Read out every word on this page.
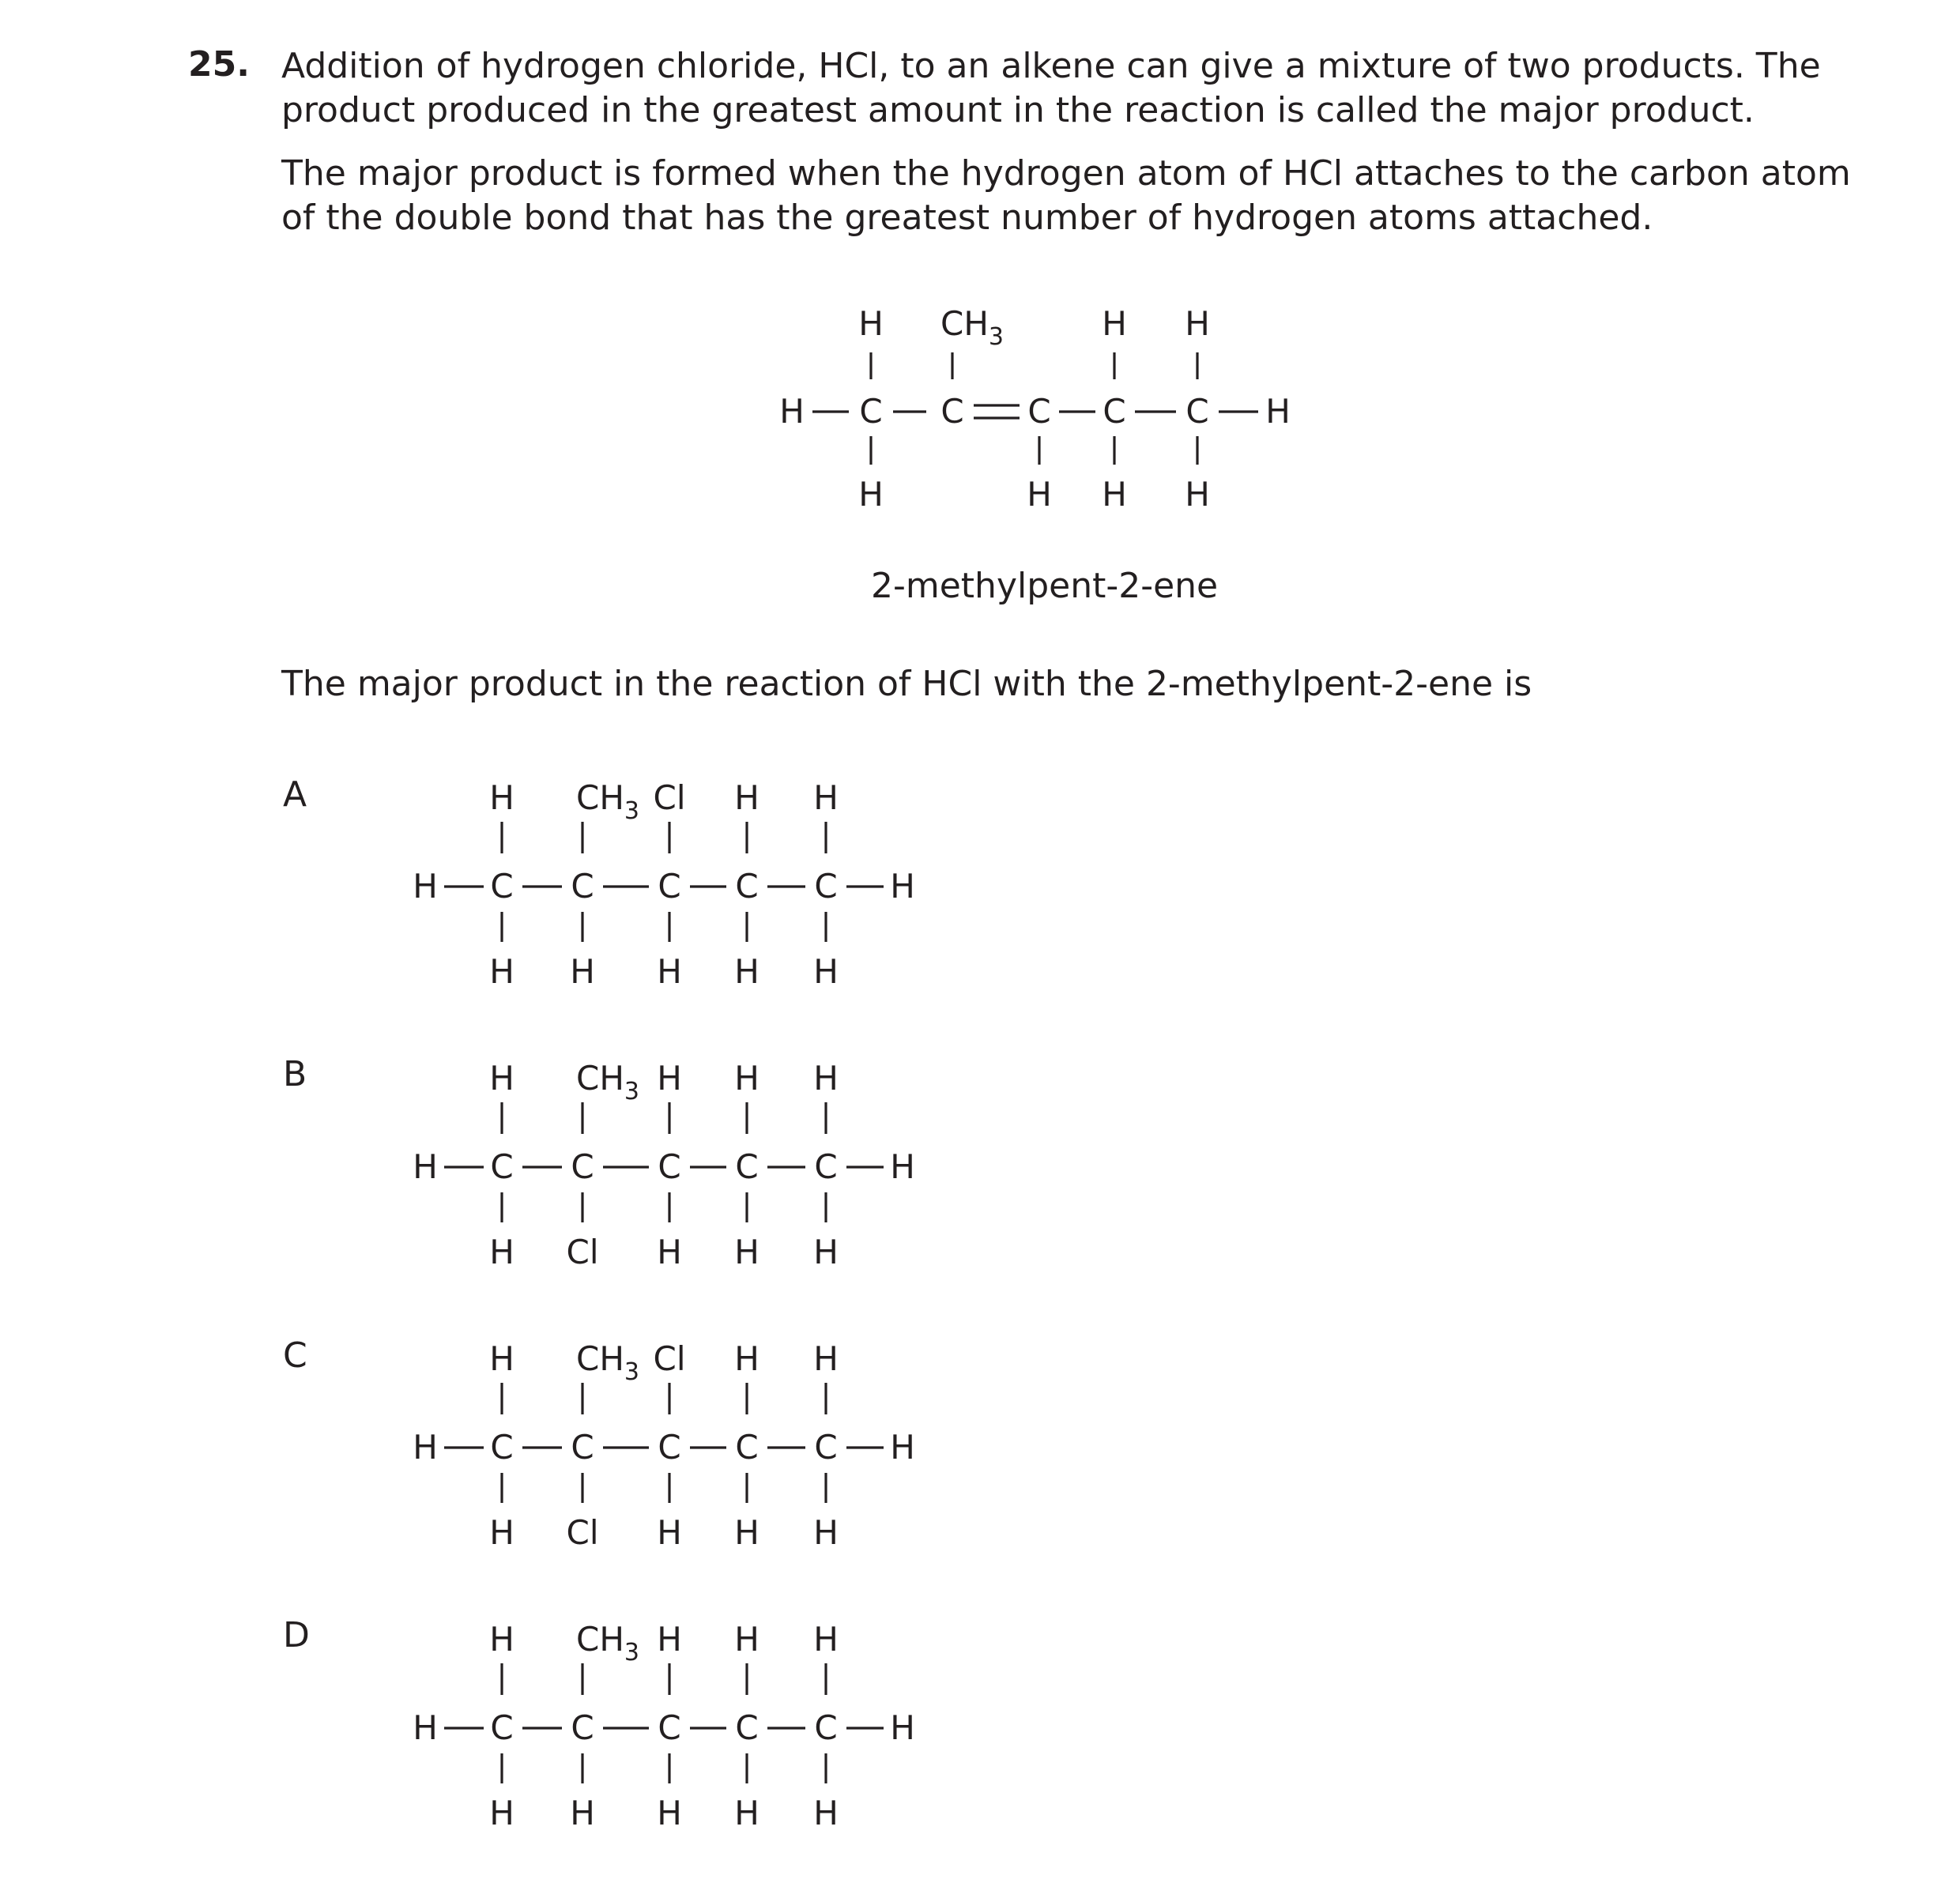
25. Addition of hydrogen chloride, HCl, to an alkene can give a mixture of two products. The
product produced in the greatest amount in the reaction is called the major product.
The major product is formed when the hydrogen atom of HCl attaches to the carbon atom
of the double bond that has the greatest number of hydrogen atoms attached.
H C C C C C H
H $CH_3$	H H
H	H H H
2-methylpent-2-ene
The major product in the reaction of HCl with the 2-methylpent-2-ene is
A
B
C
D
H C
H
H
C
$CH_3$
H
C
Cl
H
C
H
H
C
H
H
H
H C
H
H
C
$CH_3$
Cl
C
H
H
C
H
H
C
H
H
H
H C
H
H
C
$CH_3$
Cl
C
Cl
H
C
H
H
C
H
H
H
H C
H
H
C
$CH_3$
H
C
H
H
C
H
H
C
H
H
H
